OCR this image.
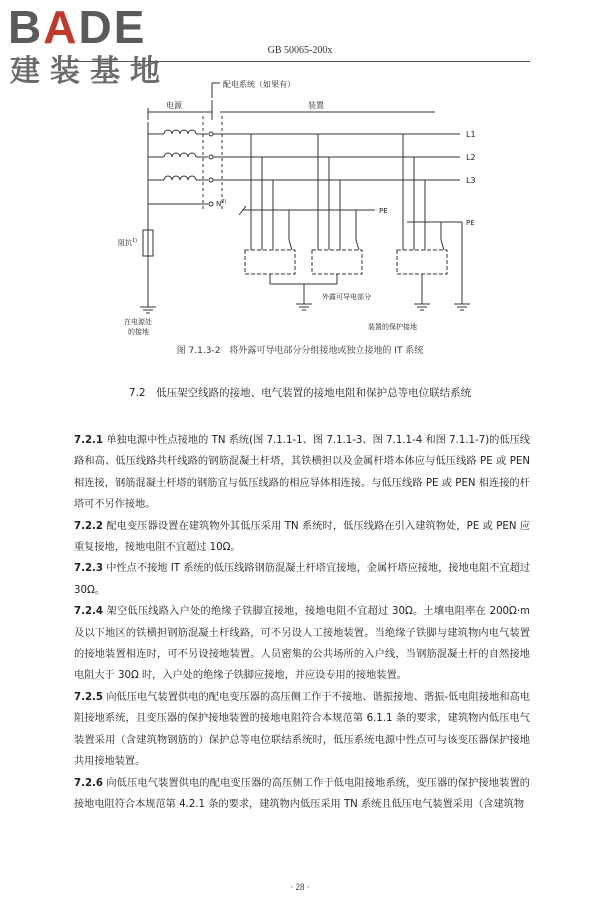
BADE
建装基地
GB 50065-200x
配电系统（如果有）
电源	装置
L1
L2
L3
$N^{2)}$
阻抗$^{1)}$
在电源处
的接地
PE
PE
外露可导电部分
装置的保护接地
图 7.1.3-2　将外露可导电部分分组接地或独立接地的 IT 系统
7.2　低压架空线路的接地、电气装置的接地电阻和保护总等电位联结系统

7.2.1 单独电源中性点接地的 TN 系统(图 7.1.1-1、图 7.1.1-3、图 7.1.1-4 和图 7.1.1-7)的低压线路和高、低压线路共杆线路的钢筋混凝土杆塔，其铁横担以及金属杆塔本体应与低压线路 PE 或 PEN 相连接，钢筋混凝土杆塔的钢筋宜与低压线路的相应导体相连接。与低压线路 PE 或 PEN 相连接的杆塔可不另作接地。

7.2.2 配电变压器设置在建筑物外其低压采用 TN 系统时，低压线路在引入建筑物处，PE 或 PEN 应重复接地，接地电阻不宜超过 10Ω。

7.2.3 中性点不接地 IT 系统的低压线路钢筋混凝土杆塔宜接地，金属杆塔应接地，接地电阻不宜超过 30Ω。

7.2.4 架空低压线路入户处的绝缘子铁脚宜接地，接地电阻不宜超过 30Ω。土壤电阻率在 200Ω·m 及以下地区的铁横担钢筋混凝土杆线路，可不另设人工接地装置。当绝缘子铁脚与建筑物内电气装置的接地装置相连时，可不另设接地装置。人员密集的公共场所的入户线，当钢筋混凝土杆的自然接地电阻大于 30Ω 时，入户处的绝缘子铁脚应接地，并应设专用的接地装置。

7.2.5 向低压电气装置供电的配电变压器的高压侧工作于不接地、谐振接地、谐振-低电阻接地和高电阻接地系统，且变压器的保护接地装置的接地电阻符合本规范第 6.1.1 条的要求，建筑物内低压电气装置采用（含建筑物钢筋的）保护总等电位联结系统时，低压系统电源中性点可与该变压器保护接地共用接地装置。

7.2.6 向低压电气装置供电的配电变压器的高压侧工作于低电阻接地系统，变压器的保护接地装置的接地电阻符合本规范第 4.2.1 条的要求，建筑物内低压采用 TN 系统且低压电气装置采用（含建筑物

· 28 ·
